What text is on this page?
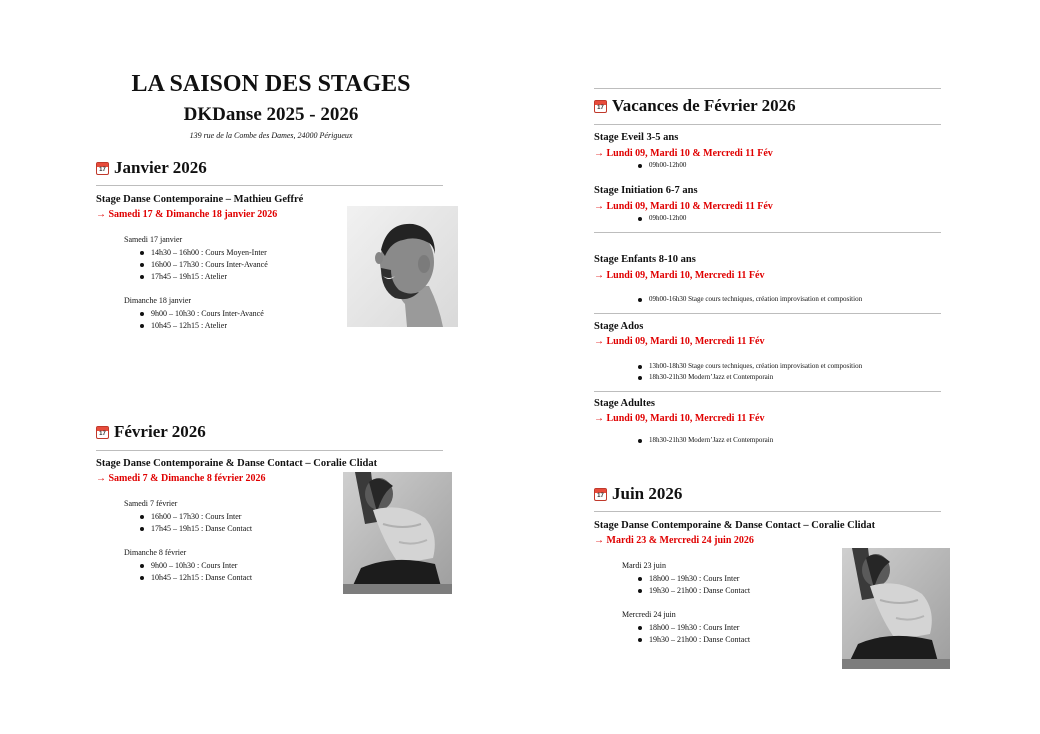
LA SAISON DES STAGES
DKDanse 2025 - 2026
139 rue de la Combe des Dames, 24000 Périgueux
17 Janvier 2026
Stage Danse Contemporaine – Mathieu Geffré
→ Samedi 17 & Dimanche 18 janvier 2026
Samedi 17 janvier
14h30 – 16h00 : Cours Moyen-Inter
16h00 – 17h30 : Cours Inter-Avancé
17h45 – 19h15 : Atelier
Dimanche 18 janvier
9h00 – 10h30 : Cours Inter-Avancé
10h45 – 12h15 : Atelier
17 Février 2026
Stage Danse Contemporaine & Danse Contact – Coralie Clidat
→ Samedi 7 & Dimanche 8 février 2026
Samedi 7 février
16h00 – 17h30 : Cours Inter
17h45 – 19h15 : Danse Contact
Dimanche 8 février
9h00 – 10h30 : Cours Inter
10h45 – 12h15 : Danse Contact
17 Vacances de Février 2026
Stage Eveil 3-5 ans
→ Lundi 09, Mardi 10 & Mercredi 11 Fév
09h00-12h00
Stage Initiation 6-7 ans
→ Lundi 09, Mardi 10 & Mercredi 11 Fév
09h00-12h00
Stage Enfants 8-10 ans
→ Lundi 09, Mardi 10, Mercredi 11 Fév
09h00-16h30 Stage cours techniques, création improvisation et composition
Stage Ados
→ Lundi 09, Mardi 10, Mercredi 11 Fév
13h00-18h30 Stage cours techniques, création improvisation et composition
18h30-21h30 Modern’Jazz et Contemporain
Stage Adultes
→ Lundi 09, Mardi 10, Mercredi 11 Fév
18h30-21h30 Modern’Jazz et Contemporain
17 Juin 2026
Stage Danse Contemporaine & Danse Contact – Coralie Clidat
→ Mardi 23 & Mercredi 24 juin 2026
Mardi 23 juin
18h00 – 19h30 : Cours Inter
19h30 – 21h00 : Danse Contact
Mercredi 24 juin
18h00 – 19h30 : Cours Inter
19h30 – 21h00 : Danse Contact
